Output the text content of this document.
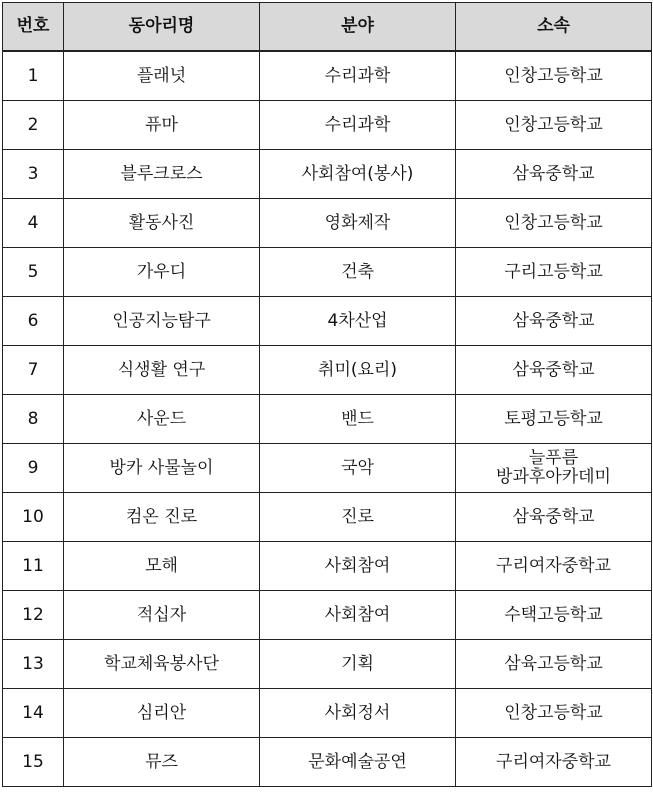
번호	동아리명	분야	소속
1	플래넛	수리과학	인창고등학교
2	퓨마	수리과학	인창고등학교
3	블루크로스	사회참여(봉사)	삼육중학교
4	활동사진	영화제작	인창고등학교
5	가우디	건축	구리고등학교
6	인공지능탐구	4차산업	삼육중학교
7	식생활 연구	취미(요리)	삼육중학교
8	사운드	밴드	토평고등학교
9	방카 사물놀이	국악	늘푸름
방과후아카데미
10	컴온 진로	진로	삼육중학교
11	모해	사회참여	구리여자중학교
12	적십자	사회참여	수택고등학교
13	학교체육봉사단	기획	삼육고등학교
14	심리안	사회정서	인창고등학교
15	뮤즈	문화예술공연	구리여자중학교
